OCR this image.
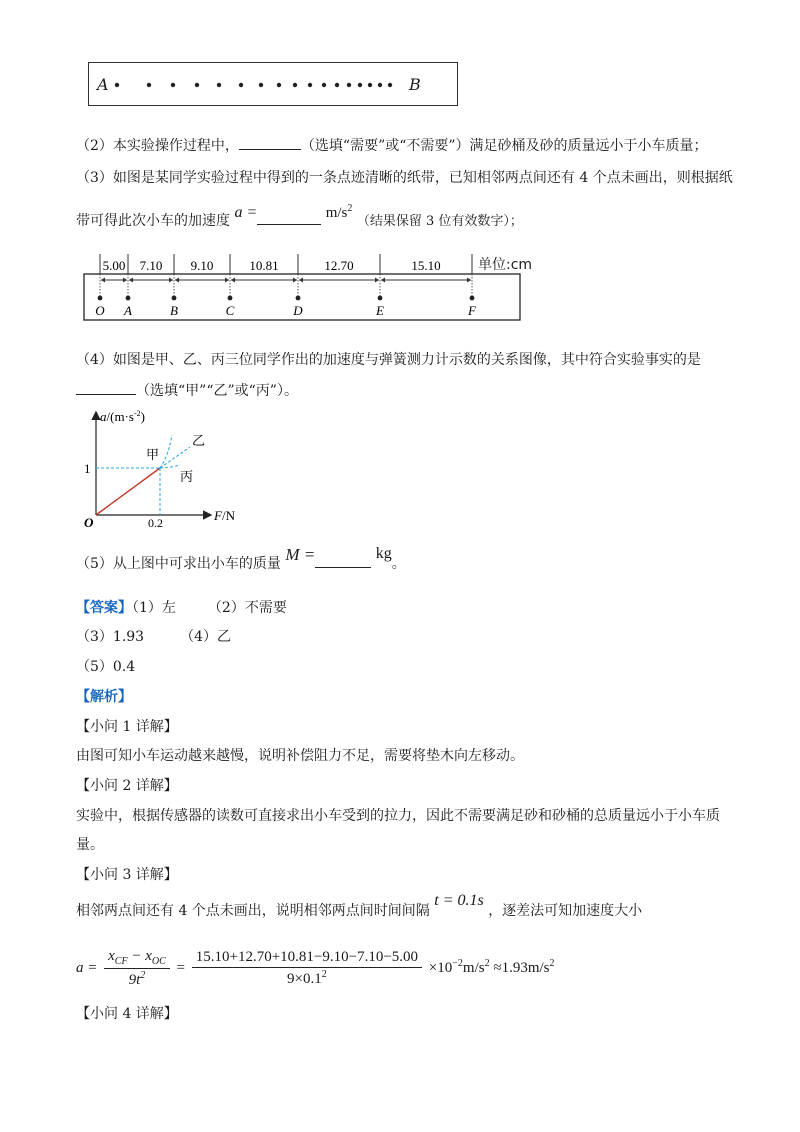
A	B
（2）本实验操作过程中，	（选填“需要”或“不需要”）满足砂桶及砂的质量远小于小车质量；
（3）如图是某同学实验过程中得到的一条点迹清晰的纸带，已知相邻两点间还有 4 个点未画出，则根据纸
带可得此次小车的加速度 a =	$m/s^2$ （结果保留 3 位有效数字）；
5.00 7.10 9.10	10.81	12.70	15.10
O A	B	C	D	E	F
单位:cm
（4）如图是甲、乙、丙三位同学作出的加速度与弹簧测力计示数的关系图像，其中符合实验事实的是
（选填“甲”“乙”或“丙”）。
$a/(m\cdot s^{-2})$
F/N
O
1
0.2
甲
乙
丙
（5）从上图中可求出小车的质量 M =	kg。
【答案】（1）左 （2）不需要
（3）1.93	（4）乙
（5）0.4
【解析】
【小问 1 详解】
由图可知小车运动越来越慢，说明补偿阻力不足，需要将垫木向左移动。
【小问 2 详解】
实验中，根据传感器的读数可直接求出小车受到的拉力，因此不需要满足砂和砂桶的总质量远小于小车质
量。
【小问 3 详解】
相邻两点间还有 4 个点未画出，说明相邻两点间时间间隔 t = 0.1s ，逐差法可知加速度大小
$a = \frac{x_{CF} - x_{OC}}{9t^2} = \frac{15.10+12.70+10.81-9.10-7.10-5.00}{9\times 0.1^2} \times 10^{-2}m/s^2 \approx 1.93m/s^2$
【小问 4 详解】
